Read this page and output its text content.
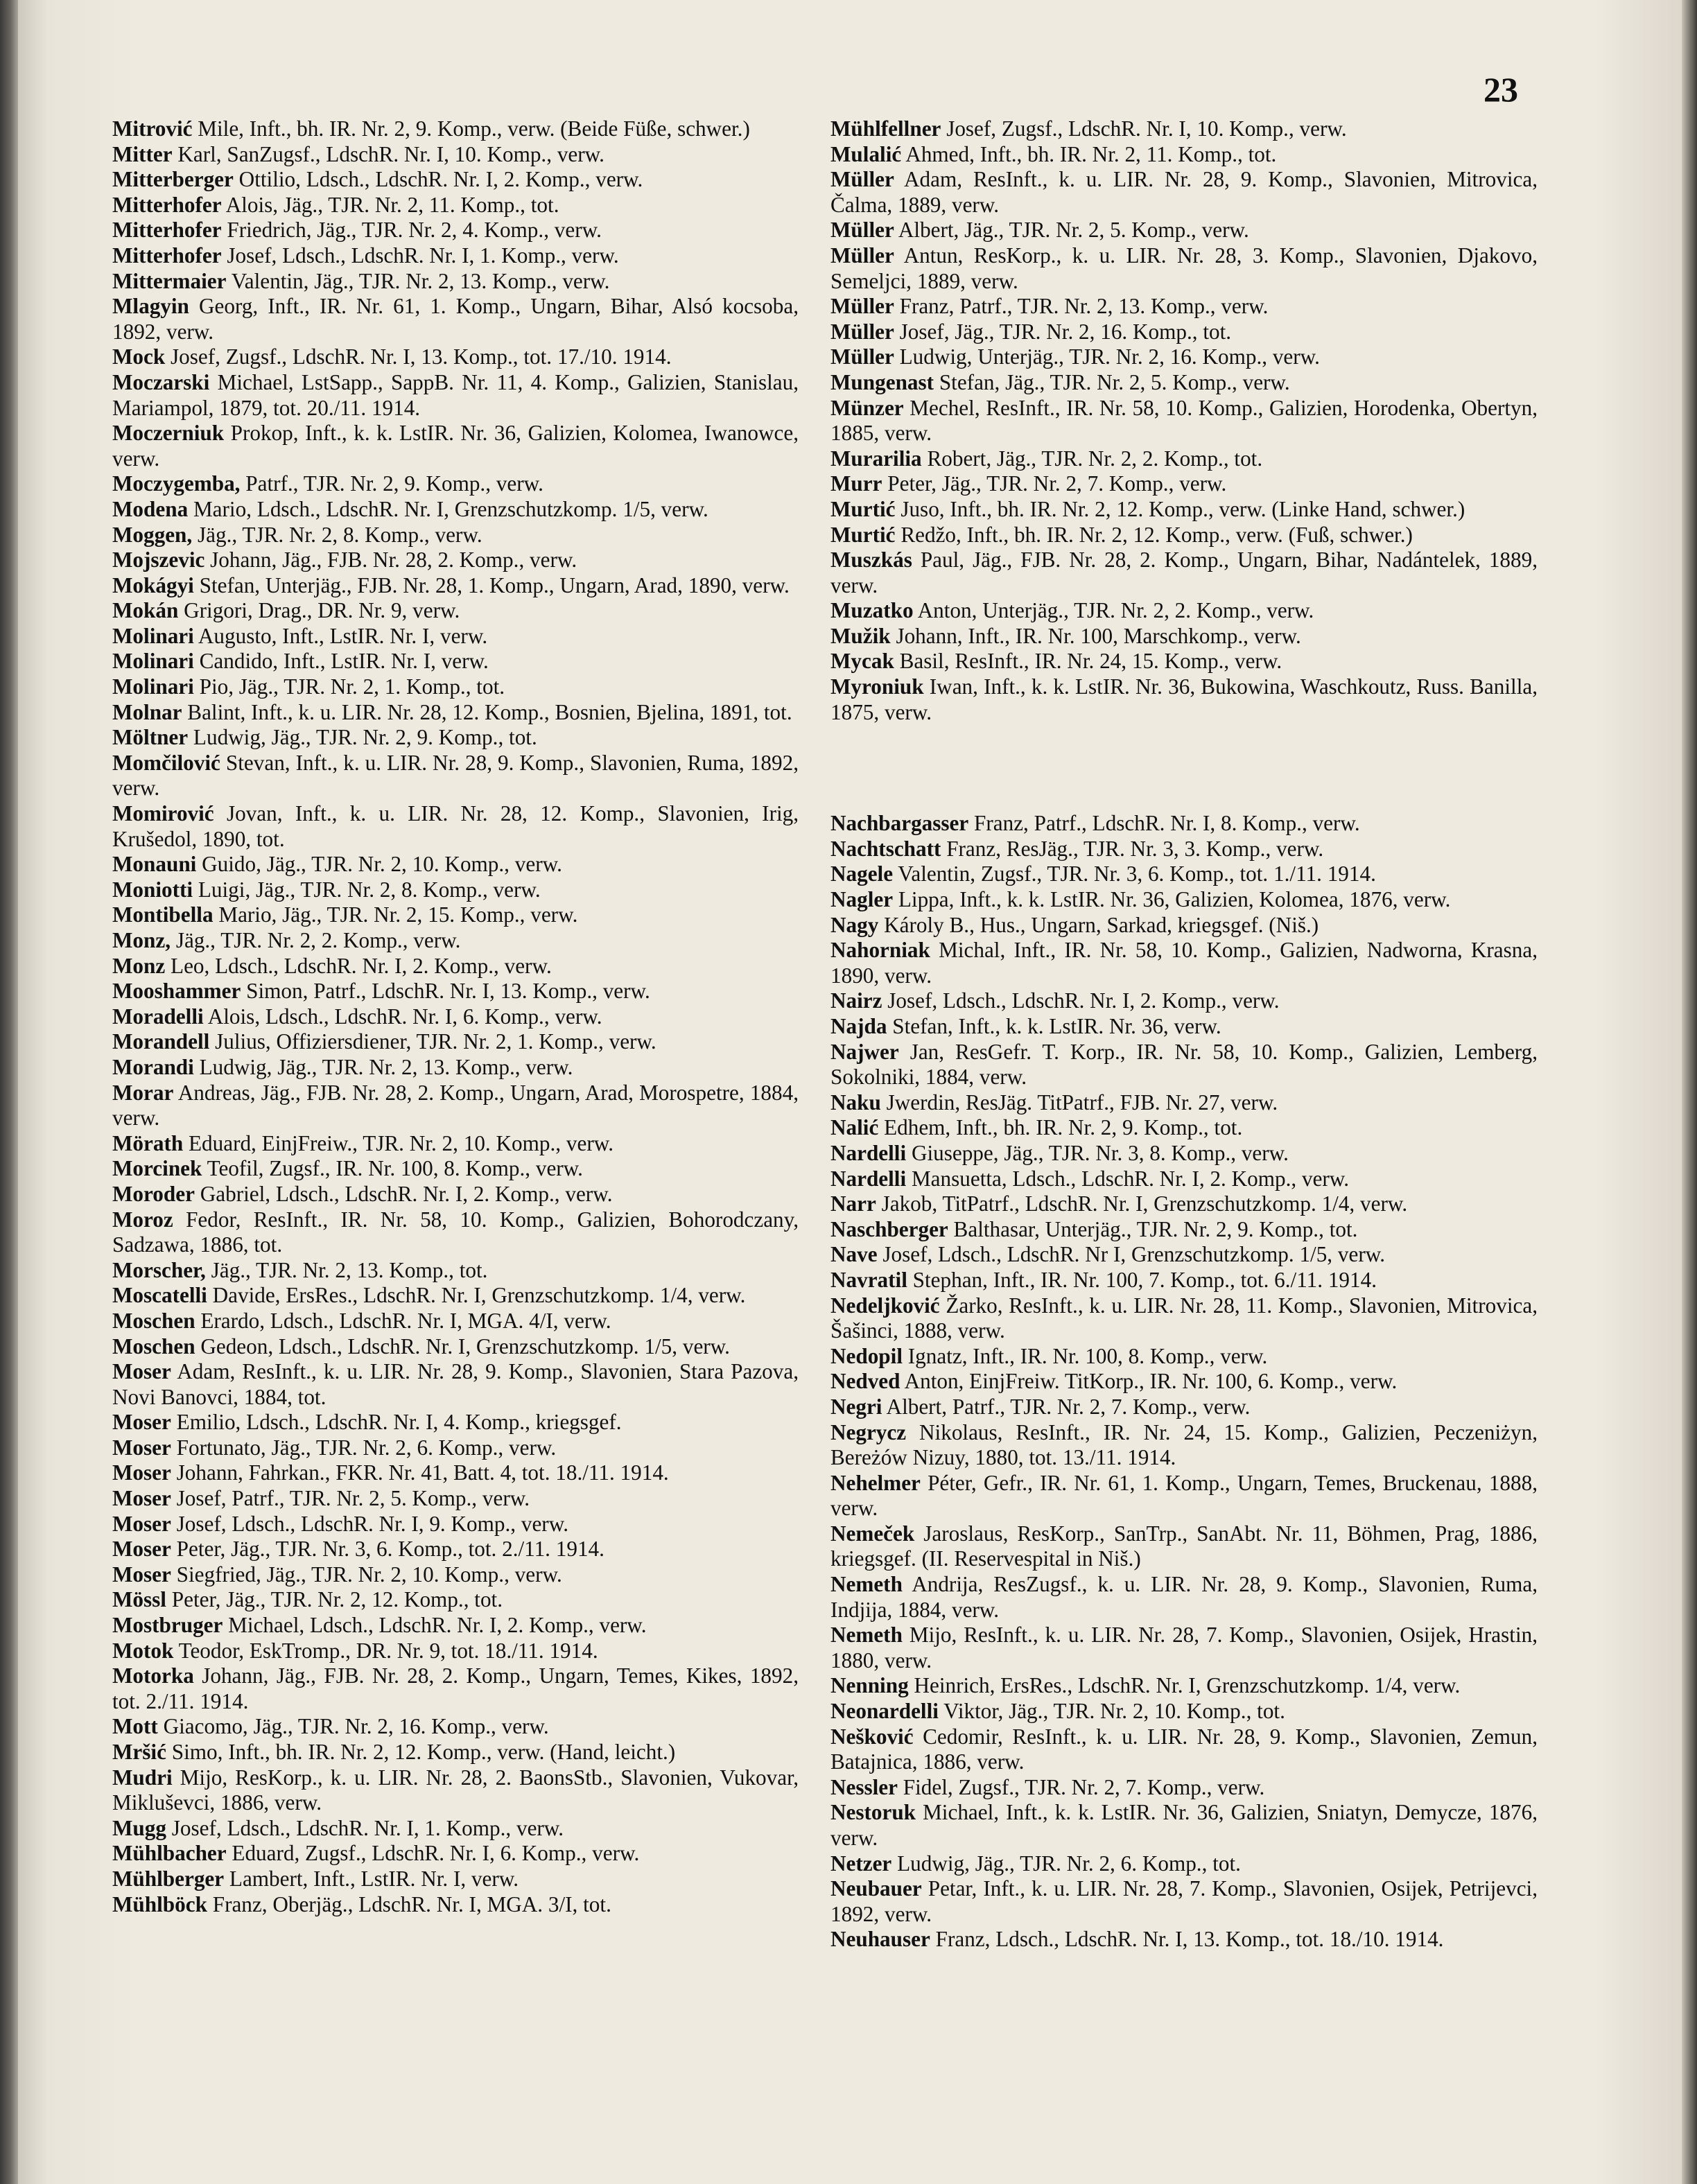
23

Mitrović Mile, Inft., bh. IR. Nr. 2, 9. Komp., verw. (Beide Füße, schwer.)

Mitter Karl, SanZugsf., LdschR. Nr. I, 10. Komp., verw.

Mitterberger Ottilio, Ldsch., LdschR. Nr. I, 2. Komp., verw.

Mitterhofer Alois, Jäg., TJR. Nr. 2, 11. Komp., tot.

Mitterhofer Friedrich, Jäg., TJR. Nr. 2, 4. Komp., verw.

Mitterhofer Josef, Ldsch., LdschR. Nr. I, 1. Komp., verw.

Mittermaier Valentin, Jäg., TJR. Nr. 2, 13. Komp., verw.

Mlagyin Georg, Inft., IR. Nr. 61, 1. Komp., Ungarn, Bihar, Alsó kocsoba, 1892, verw.

Mock Josef, Zugsf., LdschR. Nr. I, 13. Komp., tot. 17./10. 1914.

Moczarski Michael, LstSapp., SappB. Nr. 11, 4. Komp., Galizien, Stanislau, Mariampol, 1879, tot. 20./11. 1914.

Moczerniuk Prokop, Inft., k. k. LstIR. Nr. 36, Galizien, Kolomea, Iwanowce, verw.

Moczygemba, Patrf., TJR. Nr. 2, 9. Komp., verw.

Modena Mario, Ldsch., LdschR. Nr. I, Grenzschutzkomp. 1/5, verw.

Moggen, Jäg., TJR. Nr. 2, 8. Komp., verw.

Mojszevic Johann, Jäg., FJB. Nr. 28, 2. Komp., verw.

Mokágyi Stefan, Unterjäg., FJB. Nr. 28, 1. Komp., Ungarn, Arad, 1890, verw.

Mokán Grigori, Drag., DR. Nr. 9, verw.

Molinari Augusto, Inft., LstIR. Nr. I, verw.

Molinari Candido, Inft., LstIR. Nr. I, verw.

Molinari Pio, Jäg., TJR. Nr. 2, 1. Komp., tot.

Molnar Balint, Inft., k. u. LIR. Nr. 28, 12. Komp., Bosnien, Bjelina, 1891, tot.

Möltner Ludwig, Jäg., TJR. Nr. 2, 9. Komp., tot.

Momčilović Stevan, Inft., k. u. LIR. Nr. 28, 9. Komp., Slavonien, Ruma, 1892, verw.

Momirović Jovan, Inft., k. u. LIR. Nr. 28, 12. Komp., Slavonien, Irig, Krušedol, 1890, tot.

Monauni Guido, Jäg., TJR. Nr. 2, 10. Komp., verw.

Moniotti Luigi, Jäg., TJR. Nr. 2, 8. Komp., verw.

Montibella Mario, Jäg., TJR. Nr. 2, 15. Komp., verw.

Monz, Jäg., TJR. Nr. 2, 2. Komp., verw.

Monz Leo, Ldsch., LdschR. Nr. I, 2. Komp., verw.

Mooshammer Simon, Patrf., LdschR. Nr. I, 13. Komp., verw.

Moradelli Alois, Ldsch., LdschR. Nr. I, 6. Komp., verw.

Morandell Julius, Offiziersdiener, TJR. Nr. 2, 1. Komp., verw.

Morandi Ludwig, Jäg., TJR. Nr. 2, 13. Komp., verw.

Morar Andreas, Jäg., FJB. Nr. 28, 2. Komp., Ungarn, Arad, Morospetre, 1884, verw.

Mörath Eduard, EinjFreiw., TJR. Nr. 2, 10. Komp., verw.

Morcinek Teofil, Zugsf., IR. Nr. 100, 8. Komp., verw.

Moroder Gabriel, Ldsch., LdschR. Nr. I, 2. Komp., verw.

Moroz Fedor, ResInft., IR. Nr. 58, 10. Komp., Galizien, Bohorodczany, Sadzawa, 1886, tot.

Morscher, Jäg., TJR. Nr. 2, 13. Komp., tot.

Moscatelli Davide, ErsRes., LdschR. Nr. I, Grenzschutzkomp. 1/4, verw.

Moschen Erardo, Ldsch., LdschR. Nr. I, MGA. 4/I, verw.

Moschen Gedeon, Ldsch., LdschR. Nr. I, Grenzschutzkomp. 1/5, verw.

Moser Adam, ResInft., k. u. LIR. Nr. 28, 9. Komp., Slavonien, Stara Pazova, Novi Banovci, 1884, tot.

Moser Emilio, Ldsch., LdschR. Nr. I, 4. Komp., kriegsgef.

Moser Fortunato, Jäg., TJR. Nr. 2, 6. Komp., verw.

Moser Johann, Fahrkan., FKR. Nr. 41, Batt. 4, tot. 18./11. 1914.

Moser Josef, Patrf., TJR. Nr. 2, 5. Komp., verw.

Moser Josef, Ldsch., LdschR. Nr. I, 9. Komp., verw.

Moser Peter, Jäg., TJR. Nr. 3, 6. Komp., tot. 2./11. 1914.

Moser Siegfried, Jäg., TJR. Nr. 2, 10. Komp., verw.

Mössl Peter, Jäg., TJR. Nr. 2, 12. Komp., tot.

Mostbruger Michael, Ldsch., LdschR. Nr. I, 2. Komp., verw.

Motok Teodor, EskTromp., DR. Nr. 9, tot. 18./11. 1914.

Motorka Johann, Jäg., FJB. Nr. 28, 2. Komp., Ungarn, Temes, Kikes, 1892, tot. 2./11. 1914.

Mott Giacomo, Jäg., TJR. Nr. 2, 16. Komp., verw.

Mršić Simo, Inft., bh. IR. Nr. 2, 12. Komp., verw. (Hand, leicht.)

Mudri Mijo, ResKorp., k. u. LIR. Nr. 28, 2. BaonsStb., Slavonien, Vukovar, Mikluševci, 1886, verw.

Mugg Josef, Ldsch., LdschR. Nr. I, 1. Komp., verw.

Mühlbacher Eduard, Zugsf., LdschR. Nr. I, 6. Komp., verw.

Mühlberger Lambert, Inft., LstIR. Nr. I, verw.

Mühlböck Franz, Oberjäg., LdschR. Nr. I, MGA. 3/I, tot.

Mühlfellner Josef, Zugsf., LdschR. Nr. I, 10. Komp., verw.

Mulalić Ahmed, Inft., bh. IR. Nr. 2, 11. Komp., tot.

Müller Adam, ResInft., k. u. LIR. Nr. 28, 9. Komp., Slavonien, Mitrovica, Čalma, 1889, verw.

Müller Albert, Jäg., TJR. Nr. 2, 5. Komp., verw.

Müller Antun, ResKorp., k. u. LIR. Nr. 28, 3. Komp., Slavonien, Djakovo, Semeljci, 1889, verw.

Müller Franz, Patrf., TJR. Nr. 2, 13. Komp., verw.

Müller Josef, Jäg., TJR. Nr. 2, 16. Komp., tot.

Müller Ludwig, Unterjäg., TJR. Nr. 2, 16. Komp., verw.

Mungenast Stefan, Jäg., TJR. Nr. 2, 5. Komp., verw.

Münzer Mechel, ResInft., IR. Nr. 58, 10. Komp., Galizien, Horodenka, Obertyn, 1885, verw.

Murarilia Robert, Jäg., TJR. Nr. 2, 2. Komp., tot.

Murr Peter, Jäg., TJR. Nr. 2, 7. Komp., verw.

Murtić Juso, Inft., bh. IR. Nr. 2, 12. Komp., verw. (Linke Hand, schwer.)

Murtić Redžo, Inft., bh. IR. Nr. 2, 12. Komp., verw. (Fuß, schwer.)

Muszkás Paul, Jäg., FJB. Nr. 28, 2. Komp., Ungarn, Bihar, Nadántelek, 1889, verw.

Muzatko Anton, Unterjäg., TJR. Nr. 2, 2. Komp., verw.

Mužik Johann, Inft., IR. Nr. 100, Marschkomp., verw.

Mycak Basil, ResInft., IR. Nr. 24, 15. Komp., verw.

Myroniuk Iwan, Inft., k. k. LstIR. Nr. 36, Bukowina, Waschkoutz, Russ. Banilla, 1875, verw.

Nachbargasser Franz, Patrf., LdschR. Nr. I, 8. Komp., verw.

Nachtschatt Franz, ResJäg., TJR. Nr. 3, 3. Komp., verw.

Nagele Valentin, Zugsf., TJR. Nr. 3, 6. Komp., tot. 1./11. 1914.

Nagler Lippa, Inft., k. k. LstIR. Nr. 36, Galizien, Kolomea, 1876, verw.

Nagy Károly B., Hus., Ungarn, Sarkad, kriegsgef. (Niš.)

Nahorniak Michal, Inft., IR. Nr. 58, 10. Komp., Galizien, Nadworna, Krasna, 1890, verw.

Nairz Josef, Ldsch., LdschR. Nr. I, 2. Komp., verw.

Najda Stefan, Inft., k. k. LstIR. Nr. 36, verw.

Najwer Jan, ResGefr. T. Korp., IR. Nr. 58, 10. Komp., Galizien, Lemberg, Sokolniki, 1884, verw.

Naku Jwerdin, ResJäg. TitPatrf., FJB. Nr. 27, verw.

Nalić Edhem, Inft., bh. IR. Nr. 2, 9. Komp., tot.

Nardelli Giuseppe, Jäg., TJR. Nr. 3, 8. Komp., verw.

Nardelli Mansuetta, Ldsch., LdschR. Nr. I, 2. Komp., verw.

Narr Jakob, TitPatrf., LdschR. Nr. I, Grenzschutzkomp. 1/4, verw.

Naschberger Balthasar, Unterjäg., TJR. Nr. 2, 9. Komp., tot.

Nave Josef, Ldsch., LdschR. Nr I, Grenzschutzkomp. 1/5, verw.

Navratil Stephan, Inft., IR. Nr. 100, 7. Komp., tot. 6./11. 1914.

Nedeljković Žarko, ResInft., k. u. LIR. Nr. 28, 11. Komp., Slavonien, Mitrovica, Šašinci, 1888, verw.

Nedopil Ignatz, Inft., IR. Nr. 100, 8. Komp., verw.

Nedved Anton, EinjFreiw. TitKorp., IR. Nr. 100, 6. Komp., verw.

Negri Albert, Patrf., TJR. Nr. 2, 7. Komp., verw.

Negrycz Nikolaus, ResInft., IR. Nr. 24, 15. Komp., Galizien, Peczeniżyn, Bereżów Nizuy, 1880, tot. 13./11. 1914.

Nehelmer Péter, Gefr., IR. Nr. 61, 1. Komp., Ungarn, Temes, Bruckenau, 1888, verw.

Nemeček Jaroslaus, ResKorp., SanTrp., SanAbt. Nr. 11, Böhmen, Prag, 1886, kriegsgef. (II. Reservespital in Niš.)

Nemeth Andrija, ResZugsf., k. u. LIR. Nr. 28, 9. Komp., Slavonien, Ruma, Indjija, 1884, verw.

Nemeth Mijo, ResInft., k. u. LIR. Nr. 28, 7. Komp., Slavonien, Osijek, Hrastin, 1880, verw.

Nenning Heinrich, ErsRes., LdschR. Nr. I, Grenzschutzkomp. 1/4, verw.

Neonardelli Viktor, Jäg., TJR. Nr. 2, 10. Komp., tot.

Nešković Cedomir, ResInft., k. u. LIR. Nr. 28, 9. Komp., Slavonien, Zemun, Batajnica, 1886, verw.

Nessler Fidel, Zugsf., TJR. Nr. 2, 7. Komp., verw.

Nestoruk Michael, Inft., k. k. LstIR. Nr. 36, Galizien, Sniatyn, Demycze, 1876, verw.

Netzer Ludwig, Jäg., TJR. Nr. 2, 6. Komp., tot.

Neubauer Petar, Inft., k. u. LIR. Nr. 28, 7. Komp., Slavonien, Osijek, Petrijevci, 1892, verw.

Neuhauser Franz, Ldsch., LdschR. Nr. I, 13. Komp., tot. 18./10. 1914.
